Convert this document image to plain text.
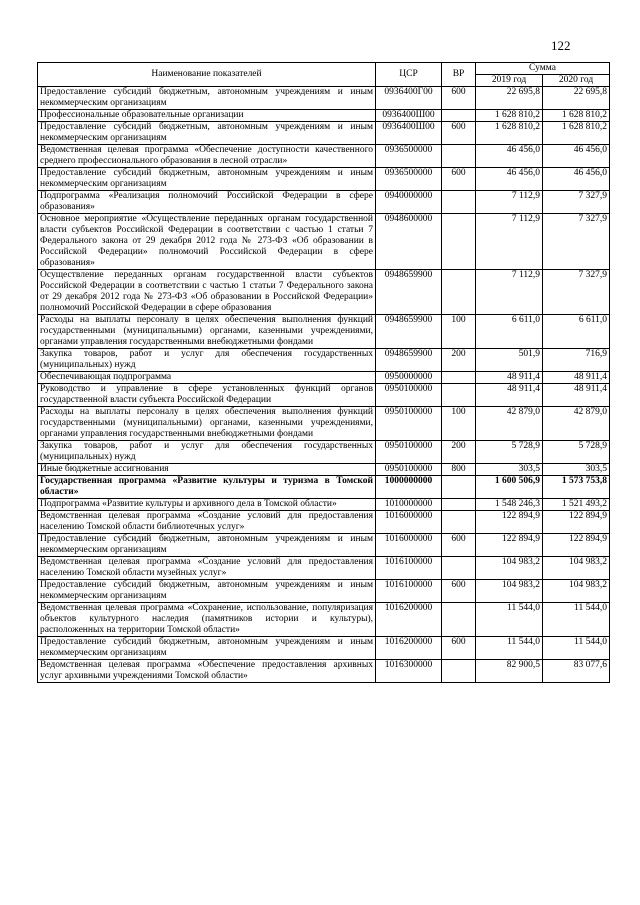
122
Наименование показателей	ЦСР	ВР	Сумма	
			2019 год	2020 год
Предоставление субсидий бюджетным, автономным учреждениям и иным некоммерческим организациям	0936400Г00	600	22 695,8	22 695,8
Профессиональные образовательные организации	0936400Ш00		1 628 810,2	1 628 810,2
Предоставление субсидий бюджетным, автономным учреждениям и иным некоммерческим организациям	0936400Ш00	600	1 628 810,2	1 628 810,2
Ведомственная целевая программа «Обеспечение доступности качественного среднего профессионального образования в лесной отрасли»	0936500000		46 456,0	46 456,0
Предоставление субсидий бюджетным, автономным учреждениям и иным некоммерческим организациям	0936500000	600	46 456,0	46 456,0
Подпрограмма «Реализация полномочий Российской Федерации в сфере образования»	0940000000		7 112,9	7 327,9
Основное мероприятие «Осуществление переданных органам государственной власти субъектов Российской Федерации в соответствии с частью 1 статьи 7 Федерального закона от 29 декабря 2012 года № 273-ФЗ «Об образовании в Российской Федерации» полномочий Российской Федерации в сфере образования»	0948600000		7 112,9	7 327,9
Осуществление переданных органам государственной власти субъектов Российской Федерации в соответствии с частью 1 статьи 7 Федерального закона от 29 декабря 2012 года № 273-ФЗ «Об образовании в Российской Федерации» полномочий Российской Федерации в сфере образования	0948659900		7 112,9	7 327,9
Расходы на выплаты персоналу в целях обеспечения выполнения функций государственными (муниципальными) органами, казенными учреждениями, органами управления государственными внебюджетными фондами	0948659900	100	6 611,0	6 611,0
Закупка товаров, работ и услуг для обеспечения государственных (муниципальных) нужд	0948659900	200	501,9	716,9
Обеспечивающая подпрограмма	0950000000		48 911,4	48 911,4
Руководство и управление в сфере установленных функций органов государственной власти субъекта Российской Федерации	0950100000		48 911,4	48 911,4
Расходы на выплаты персоналу в целях обеспечения выполнения функций государственными (муниципальными) органами, казенными учреждениями, органами управления государственными внебюджетными фондами	0950100000	100	42 879,0	42 879,0
Закупка товаров, работ и услуг для обеспечения государственных (муниципальных) нужд	0950100000	200	5 728,9	5 728,9
Иные бюджетные ассигнования	0950100000	800	303,5	303,5
Государственная программа «Развитие культуры и туризма в Томской области»	1000000000		1 600 506,9	1 573 753,8
Подпрограмма «Развитие культуры и архивного дела в Томской области»	1010000000		1 548 246,3	1 521 493,2
Ведомственная целевая программа «Создание условий для предоставления населению Томской области библиотечных услуг»	1016000000		122 894,9	122 894,9
Предоставление субсидий бюджетным, автономным учреждениям и иным некоммерческим организациям	1016000000	600	122 894,9	122 894,9
Ведомственная целевая программа «Создание условий для предоставления населению Томской области музейных услуг»	1016100000		104 983,2	104 983,2
Предоставление субсидий бюджетным, автономным учреждениям и иным некоммерческим организациям	1016100000	600	104 983,2	104 983,2
Ведомственная целевая программа «Сохранение, использование, популяризация объектов культурного наследия (памятников истории и культуры), расположенных на территории Томской области»	1016200000		11 544,0	11 544,0
Предоставление субсидий бюджетным, автономным учреждениям и иным некоммерческим организациям	1016200000	600	11 544,0	11 544,0
Ведомственная целевая программа «Обеспечение предоставления архивных услуг архивными учреждениями Томской области»	1016300000		82 900,5	83 077,6
